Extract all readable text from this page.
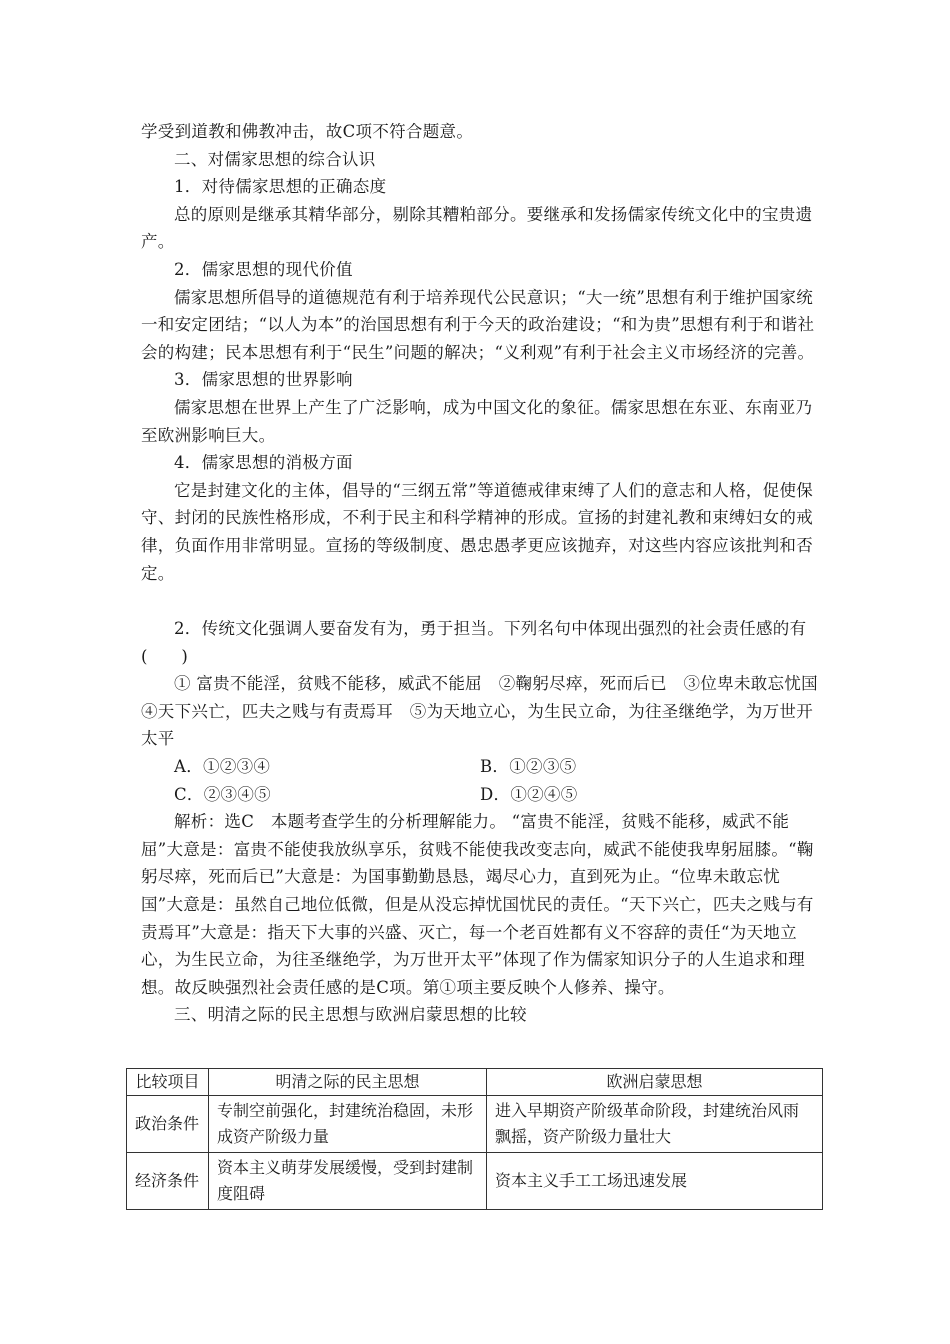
学受到道教和佛教冲击，故C项不符合题意。

二、对儒家思想的综合认识

1．对待儒家思想的正确态度

总的原则是继承其精华部分，剔除其糟粕部分。要继承和发扬儒家传统文化中的宝贵遗产。

2．儒家思想的现代价值

儒家思想所倡导的道德规范有利于培养现代公民意识；“大一统”思想有利于维护国家统一和安定团结；“以人为本”的治国思想有利于今天的政治建设；“和为贵”思想有利于和谐社会的构建；民本思想有利于“民生”问题的解决；“义利观”有利于社会主义市场经济的完善。

3．儒家思想的世界影响

儒家思想在世界上产生了广泛影响，成为中国文化的象征。儒家思想在东亚、东南亚乃至欧洲影响巨大。

4．儒家思想的消极方面

它是封建文化的主体，倡导的“三纲五常”等道德戒律束缚了人们的意志和人格，促使保守、封闭的民族性格形成，不利于民主和科学精神的形成。宣扬的封建礼教和束缚妇女的戒律，负面作用非常明显。宣扬的等级制度、愚忠愚孝更应该抛弃，对这些内容应该批判和否定。

2．传统文化强调人要奋发有为，勇于担当。下列名句中体现出强烈的社会责任感的有(　　)

① 富贵不能淫，贫贱不能移，威武不能屈　②鞠躬尽瘁，死而后已　③位卑未敢忘忧国　④天下兴亡，匹夫之贱与有责焉耳　⑤为天地立心，为生民立命，为往圣继绝学，为万世开太平

A．①②③④	B．①②③⑤
C．②③④⑤	D．①②④⑤

解析：选C　本题考查学生的分析理解能力。 “富贵不能淫，贫贱不能移，威武不能屈”大意是：富贵不能使我放纵享乐，贫贱不能使我改变志向，威武不能使我卑躬屈膝。“鞠躬尽瘁，死而后已”大意是：为国事勤勤恳恳，竭尽心力，直到死为止。“位卑未敢忘忧国”大意是：虽然自己地位低微，但是从没忘掉忧国忧民的责任。“天下兴亡，匹夫之贱与有责焉耳”大意是：指天下大事的兴盛、灭亡，每一个老百姓都有义不容辞的责任“为天地立心，为生民立命，为往圣继绝学，为万世开太平”体现了作为儒家知识分子的人生追求和理想。故反映强烈社会责任感的是C项。第①项主要反映个人修养、操守。

三、明清之际的民主思想与欧洲启蒙思想的比较

比较项目	明清之际的民主思想	欧洲启蒙思想
政治条件	专制空前强化，封建统治稳固，未形成资产阶级力量	进入早期资产阶级革命阶段，封建统治风雨飘摇，资产阶级力量壮大
经济条件	资本主义萌芽发展缓慢，受到封建制度阻碍	资本主义手工工场迅速发展
